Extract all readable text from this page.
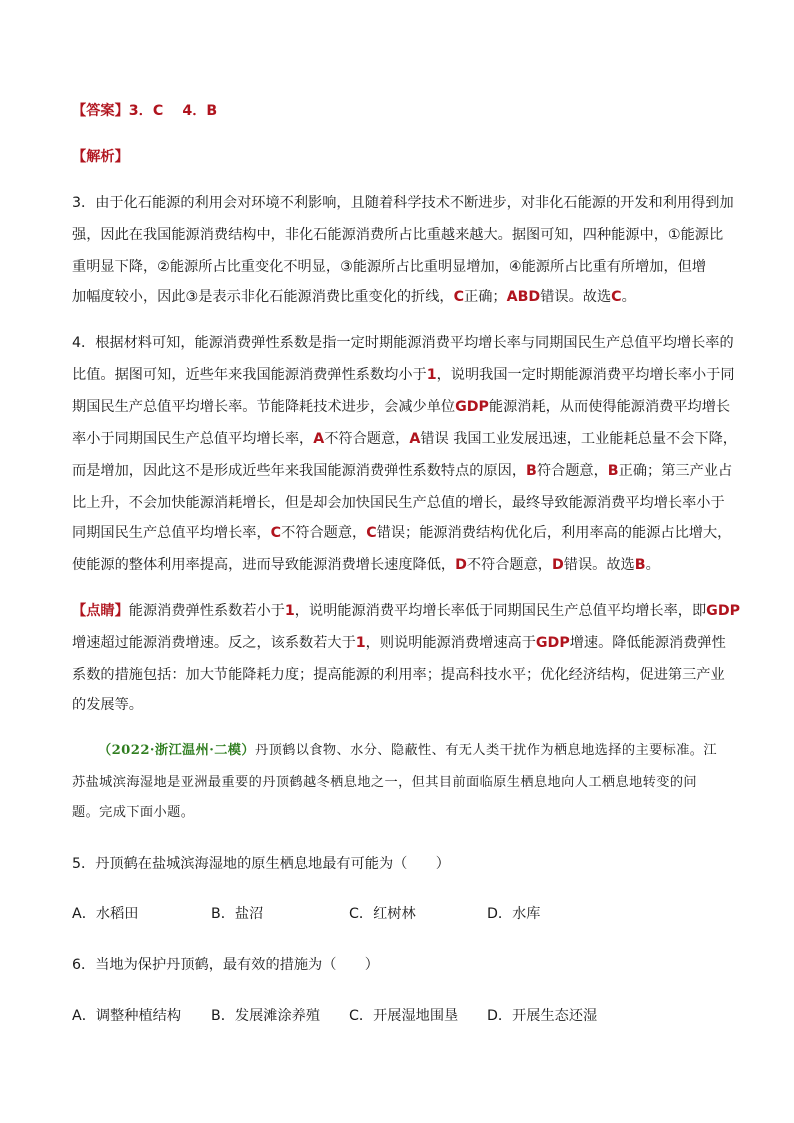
【答案】3．C　 4．B
【解析】
3．由于化石能源的利用会对环境不利影响，且随着科学技术不断进步，对非化石能源的开发和利用得到加
强，因此在我国能源消费结构中，非化石能源消费所占比重越来越大。据图可知，四种能源中，①能源比
重明显下降，②能源所占比重变化不明显，③能源所占比重明显增加，④能源所占比重有所增加，但增
加幅度较小，因此③是表示非化石能源消费比重变化的折线，C正确；ABD错误。故选C。
4．根据材料可知，能源消费弹性系数是指一定时期能源消费平均增长率与同期国民生产总值平均增长率的
比值。据图可知，近些年来我国能源消费弹性系数均小于1，说明我国一定时期能源消费平均增长率小于同
期国民生产总值平均增长率。节能降耗技术进步，会减少单位GDP能源消耗，从而使得能源消费平均增长
率小于同期国民生产总值平均增长率，A不符合题意，A错误 我国工业发展迅速，工业能耗总量不会下降，
而是增加，因此这不是形成近些年来我国能源消费弹性系数特点的原因，B符合题意，B正确；第三产业占
比上升，不会加快能源消耗增长，但是却会加快国民生产总值的增长，最终导致能源消费平均增长率小于
同期国民生产总值平均增长率，C不符合题意，C错误；能源消费结构优化后，利用率高的能源占比增大，
使能源的整体利用率提高，进而导致能源消费增长速度降低，D不符合题意，D错误。故选B。
【点睛】能源消费弹性系数若小于1，说明能源消费平均增长率低于同期国民生产总值平均增长率，即GDP
增速超过能源消费增速。反之，该系数若大于1，则说明能源消费增速高于GDP增速。降低能源消费弹性
系数的措施包括：加大节能降耗力度；提高能源的利用率；提高科技水平；优化经济结构，促进第三产业
的发展等。
（2022·浙江温州·二模）丹顶鹤以食物、水分、隐蔽性、有无人类干扰作为栖息地选择的主要标准。江
苏盐城滨海湿地是亚洲最重要的丹顶鹤越冬栖息地之一，但其目前面临原生栖息地向人工栖息地转变的问
题。完成下面小题。
5．丹顶鹤在盐城滨海湿地的原生栖息地最有可能为（　　）
A．水稻田	B．盐沼	C．红树林	D．水库
6．当地为保护丹顶鹤，最有效的措施为（　　）
A．调整种植结构 B．发展滩涂养殖 C．开展湿地围垦 D．开展生态还湿
